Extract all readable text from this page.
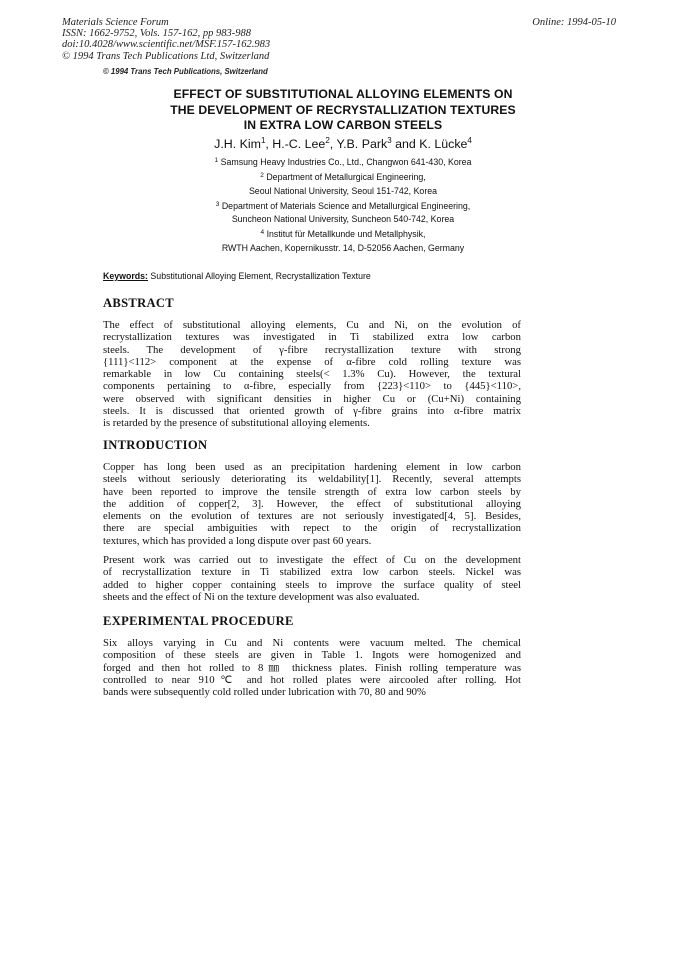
Materials Science Forum
ISSN: 1662-9752, Vols. 157-162, pp 983-988
doi:10.4028/www.scientific.net/MSF.157-162.983
© 1994 Trans Tech Publications Ltd, Switzerland
Online: 1994-05-10
© 1994 Trans Tech Publications, Switzerland
EFFECT OF SUBSTITUTIONAL ALLOYING ELEMENTS ON
THE DEVELOPMENT OF RECRYSTALLIZATION TEXTURES
IN EXTRA LOW CARBON STEELS
J.H. Kim$^1$, H.-C. Lee$^2$, Y.B. Park$^3$ and K. Lücke$^4$
$^1$ Samsung Heavy Industries Co., Ltd., Changwon 641-430, Korea
$^2$ Department of Metallurgical Engineering,
Seoul National University, Seoul 151-742, Korea
$^3$ Department of Materials Science and Metallurgical Engineering,
Suncheon National University, Suncheon 540-742, Korea
$^4$ Institut für Metallkunde und Metallphysik,
RWTH Aachen, Kopernikusstr. 14, D-52056 Aachen, Germany
Keywords: Substitutional Alloying Element, Recrystallization Texture
ABSTRACT
The effect of substitutional alloying elements, Cu and Ni, on the evolution of
recrystallization textures was investigated in Ti stabilized extra low carbon
steels. The development of γ-fibre recrystallization texture with strong
{111}<112> component at the expense of α-fibre cold rolling texture was
remarkable in low Cu containing steels(< 1.3% Cu). However, the textural
components pertaining to α-fibre, especially from {223}<110> to {445}<110>,
were observed with significant densities in higher Cu or (Cu+Ni) containing
steels. It is discussed that oriented growth of γ-fibre grains into α-fibre matrix
is retarded by the presence of substitutional alloying elements.
INTRODUCTION
Copper has long been used as an precipitation hardening element in low carbon
steels without seriously deteriorating its weldability[1]. Recently, several attempts
have been reported to improve the tensile strength of extra low carbon steels by
the addition of copper[2, 3]. However, the effect of substitutional alloying
elements on the evolution of textures are not seriously investigated[4, 5]. Besides,
there are special ambiguities with repect to the origin of recrystallization
textures, which has provided a long dispute over past 60 years.
Present work was carried out to investigate the effect of Cu on the development
of recrystallization texture in Ti stabilized extra low carbon steels. Nickel was
added to higher copper containing steels to improve the surface quality of steel
sheets and the effect of Ni on the texture development was also evaluated.
EXPERIMENTAL PROCEDURE
Six alloys varying in Cu and Ni contents were vacuum melted. The chemical
composition of these steels are given in Table 1. Ingots were homogenized and
forged and then hot rolled to 8㎜ thickness plates. Finish rolling temperature was
controlled to near 910℃ and hot rolled plates were aircooled after rolling. Hot
bands were subsequently cold rolled under lubrication with 70, 80 and 90%
